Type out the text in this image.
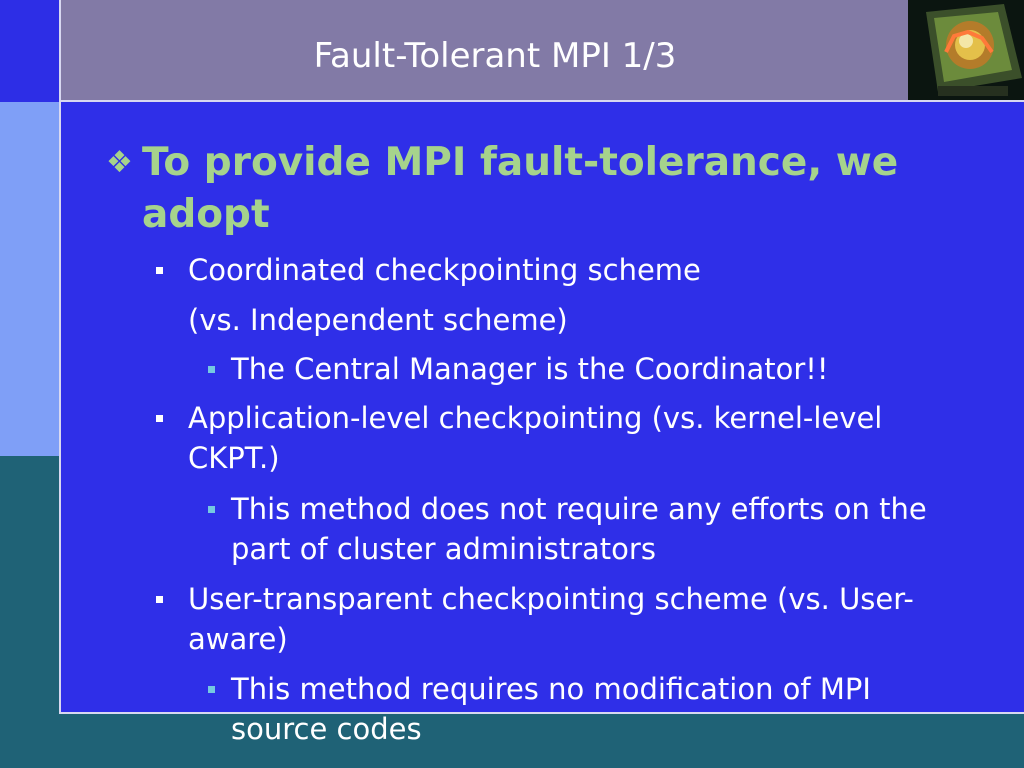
Fault-Tolerant MPI 1/3
❖ To provide MPI fault-tolerance, we adopt
Coordinated checkpointing scheme
(vs. Independent scheme)
The Central Manager is the Coordinator!!
Application-level checkpointing (vs. kernel-level CKPT.)
This method does not require any efforts on the part of cluster administrators
User-transparent checkpointing scheme (vs. User-aware)
This method requires no modification of MPI source codes
